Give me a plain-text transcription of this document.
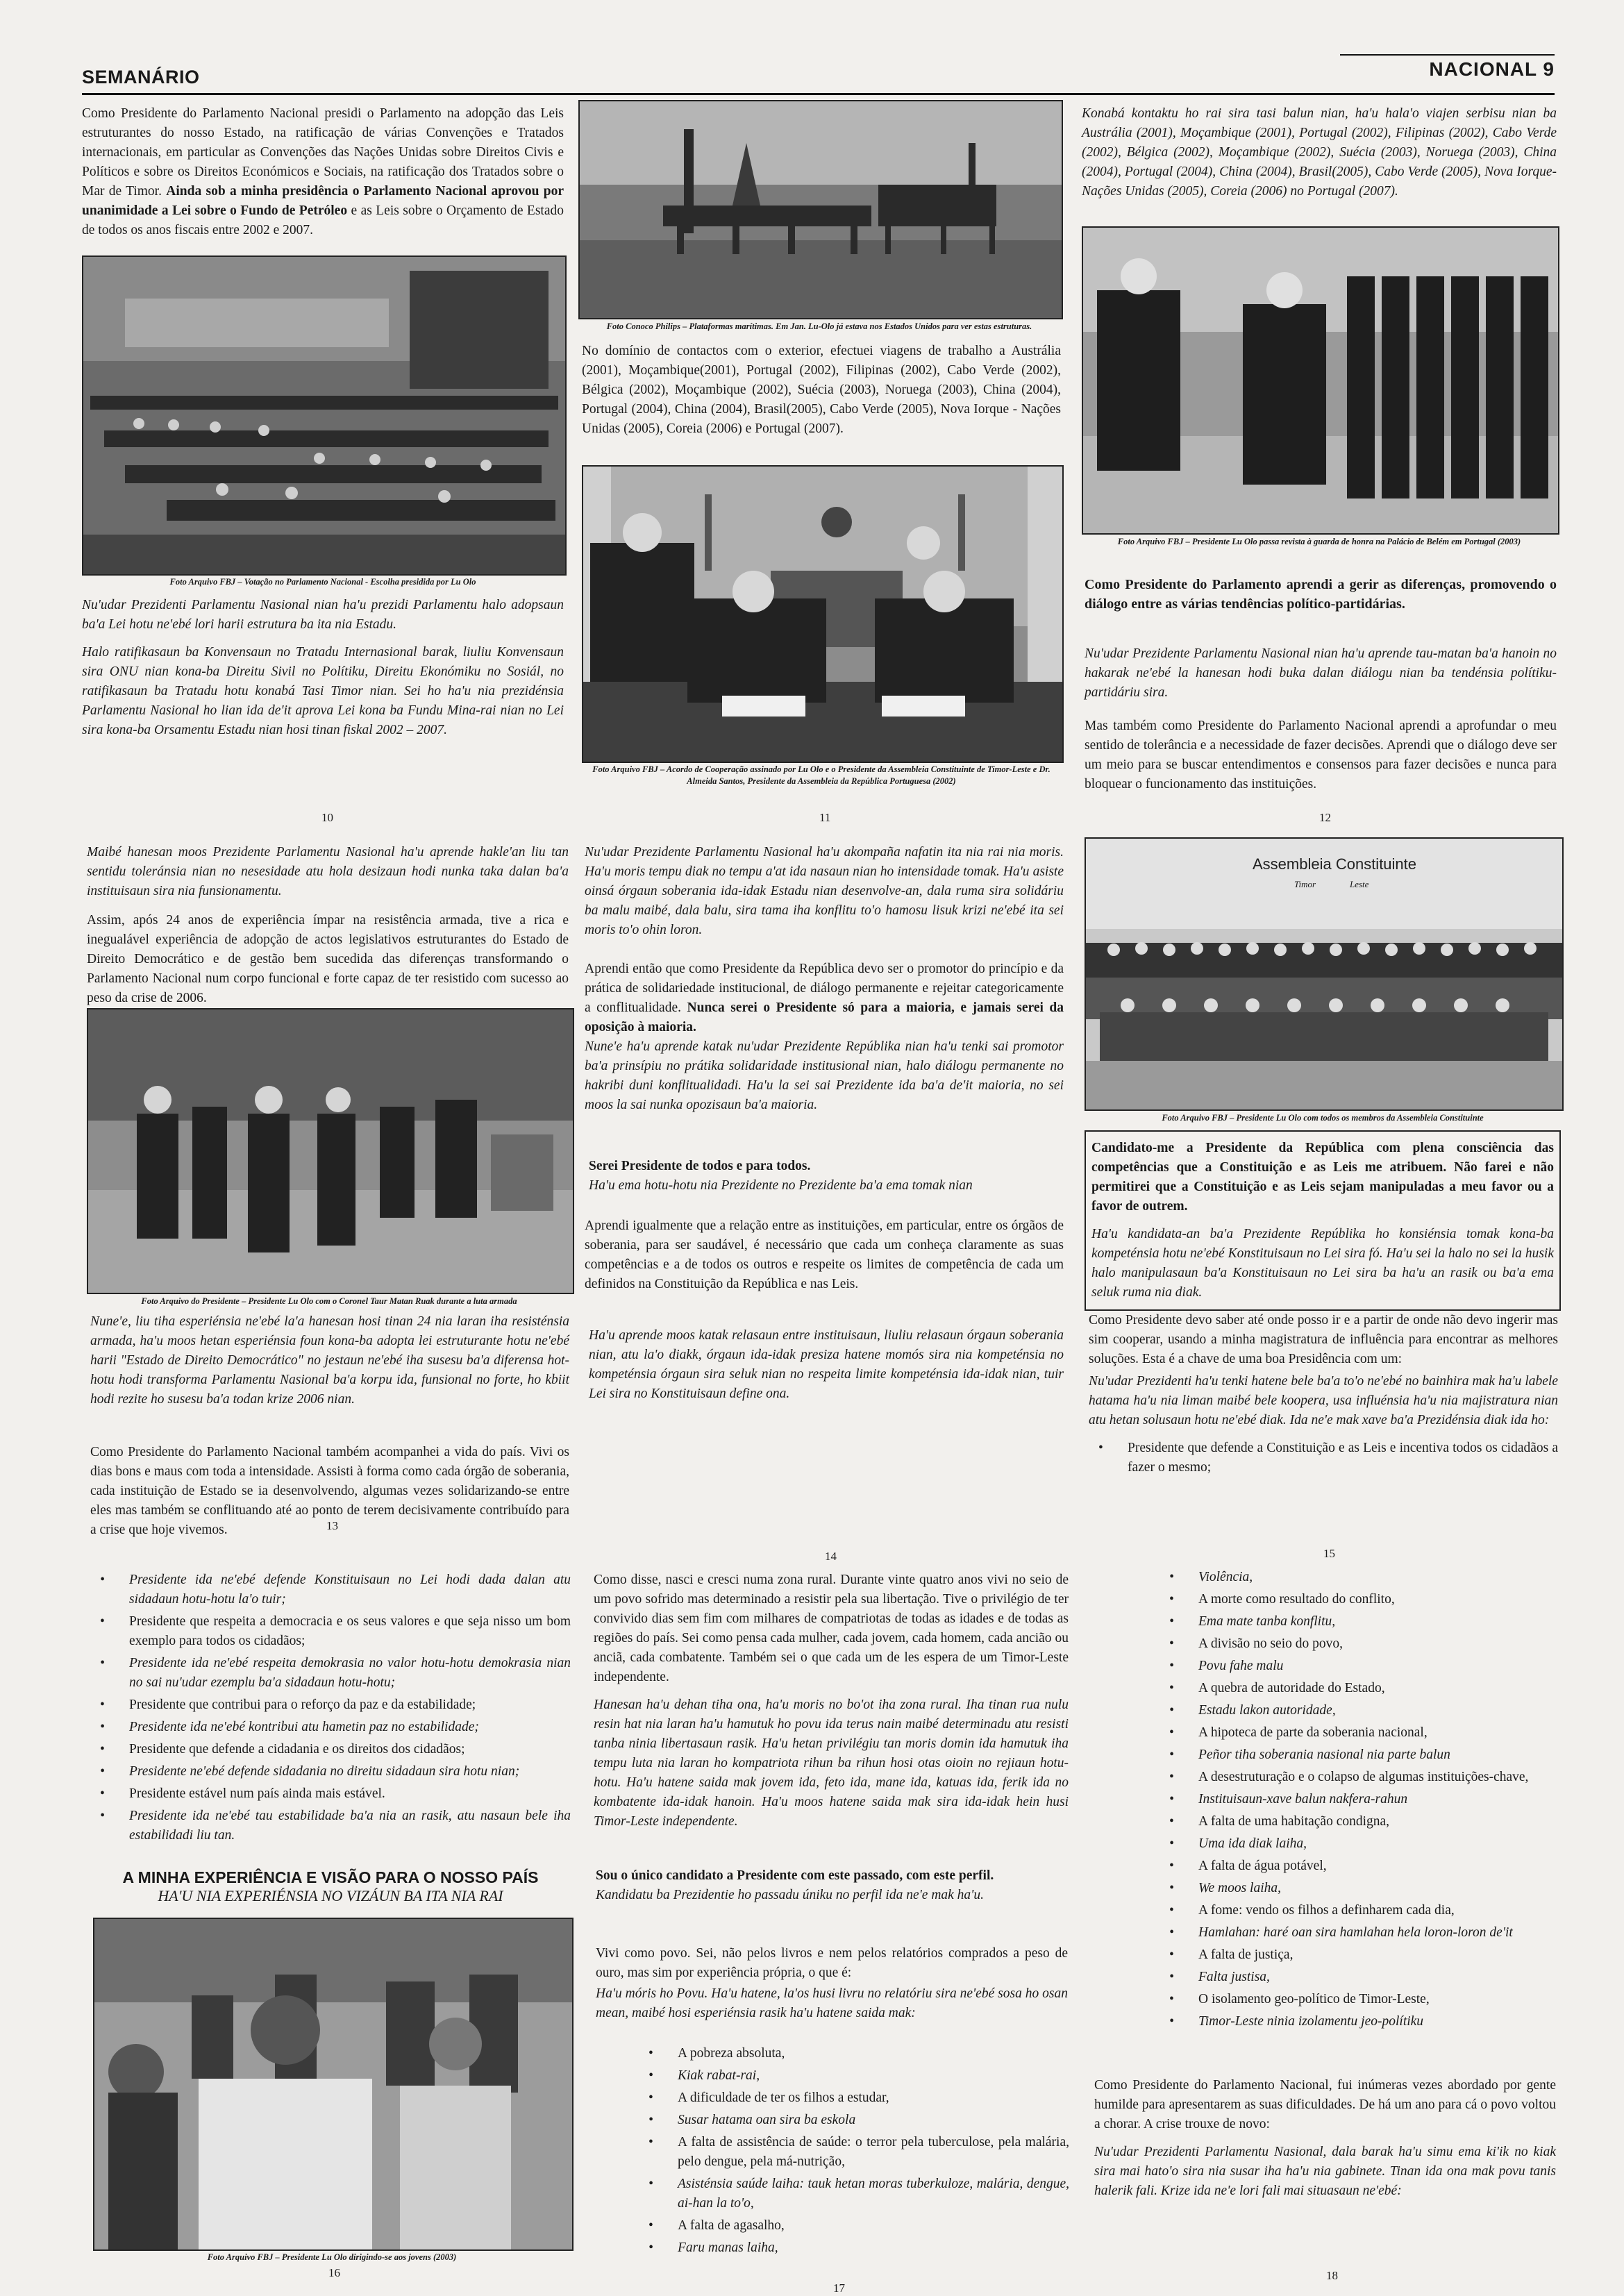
SEMANÁRIO	NACIONAL 9

Como Presidente do Parlamento Nacional presidi o Parlamento na adopção das Leis estruturantes do nosso Estado, na ratificação de várias Convenções e Tratados internacionais, em particular as Convenções das Nações Unidas sobre Direitos Civis e Políticos e sobre os Direitos Económicos e Sociais, na ratificação dos Tratados sobre o Mar de Timor. Ainda sob a minha presidência o Parlamento Nacional aprovou por unanimidade a Lei sobre o Fundo de Petróleo e as Leis sobre o Orçamento de Estado de todos os anos fiscais entre 2002 e 2007.

Foto Arquivo FBJ – Votação no Parlamento Nacional - Escolha presidida por Lu Olo

Nu'udar Prezidenti Parlamentu Nasional nian ha'u prezidi Parlamentu halo adopsaun ba'a Lei hotu ne'ebé lori harii estrutura ba ita nia Estadu.

Halo ratifikasaun ba Konvensaun no Tratadu Internasional barak, liuliu Konvensaun sira ONU nian kona-ba Direitu Sivil no Polítiku, Direitu Ekonómiku no Sosiál, no ratifikasaun ba Tratadu hotu konabá Tasi Timor nian. Sei ho ha'u nia prezidénsia Parlamentu Nasional ho lian ida de'it aprova Lei kona ba Fundu Mina-rai nian no Lei sira kona-ba Orsamentu Estadu nian hosi tinan fiskal 2002 – 2007.

Foto Conoco Philips – Plataformas marítimas. Em Jan. Lu-Olo já estava nos Estados Unidos para ver estas estruturas.

No domínio de contactos com o exterior, efectuei viagens de trabalho a Austrália (2001), Moçambique(2001), Portugal (2002), Filipinas (2002), Cabo Verde (2002), Bélgica (2002), Moçambique (2002), Suécia (2003), Noruega (2003), China (2004), Portugal (2004), China (2004), Brasil(2005), Cabo Verde (2005), Nova Iorque - Nações Unidas (2005), Coreia (2006) e Portugal (2007).

Foto Arquivo FBJ – Acordo de Cooperação assinado por Lu Olo e o Presidente da Assembleia Constituinte de Timor-Leste e Dr. Almeida Santos, Presidente da Assembleia da República Portuguesa (2002)

Konabá kontaktu ho rai sira tasi balun nian, ha'u hala'o viajen serbisu nian ba Austrália (2001), Moçambique (2001), Portugal (2002), Filipinas (2002), Cabo Verde (2002), Bélgica (2002), Moçambique (2002), Suécia (2003), Noruega (2003), China (2004), Portugal (2004), China (2004), Brasil(2005), Cabo Verde (2005), Nova Iorque- Nações Unidas (2005), Coreia (2006) no Portugal (2007).

Foto Arquivo FBJ – Presidente Lu Olo passa revista à guarda de honra na Palácio de Belém em Portugal (2003)

Como Presidente do Parlamento aprendi a gerir as diferenças, promovendo o diálogo entre as várias tendências político-partidárias.

Nu'udar Prezidente Parlamentu Nasional nian ha'u aprende tau-matan ba'a hanoin no hakarak ne'ebé la hanesan hodi buka dalan diálogu nian ba tendénsia polítiku-partidáriu sira.

Mas também como Presidente do Parlamento Nacional aprendi a aprofundar o meu sentido de tolerância e a necessidade de fazer decisões. Aprendi que o diálogo deve ser um meio para se buscar entendimentos e consensos para fazer decisões e nunca para bloquear o funcionamento das instituições.

10	11	12

Maibé hanesan moos Prezidente Parlamentu Nasional ha'u aprende hakle'an liu tan sentidu toleránsia nian no nesesidade atu hola desizaun hodi nunka taka dalan ba'a instituisaun sira nia funsionamentu.

Assim, após 24 anos de experiência ímpar na resistência armada, tive a rica e inegualável experiência de adopção de actos legislativos estruturantes do Estado de Direito Democrático e de gestão bem sucedida das diferenças transformando o Parlamento Nacional num corpo funcional e forte capaz de ter resistido com sucesso ao peso da crise de 2006.

Foto Arquivo do Presidente – Presidente Lu Olo com o Coronel Taur Matan Ruak durante a luta armada

Nune'e, liu tiha esperiénsia ne'ebé la'a hanesan hosi tinan 24 nia laran iha resisténsia armada, ha'u moos hetan esperiénsia foun kona-ba adopta lei estruturante hotu ne'ebé harii "Estado de Direito Democrático" no jestaun ne'ebé iha susesu ba'a diferensa hot-hotu hodi transforma Parlamentu Nasional ba'a korpu ida, funsional no forte, ho kbiit hodi rezite ho susesu ba'a todan krize 2006 nian.

Como Presidente do Parlamento Nacional também acompanhei a vida do país. Vivi os dias bons e maus com toda a intensidade. Assisti à forma como cada órgão de soberania, cada instituição de Estado se ia desenvolvendo, algumas vezes solidarizando-se entre eles mas também se conflituando até ao ponto de terem decisivamente contribuído para a crise que hoje vivemos.

Nu'udar Prezidente Parlamentu Nasional ha'u akompaña nafatin ita nia rai nia moris. Ha'u moris tempu diak no tempu a'at ida nasaun nian ho intensidade tomak. Ha'u asiste oinsá órgaun soberania ida-idak Estadu nian desenvolve-an, dala ruma sira solidáriu ba malu maibé, dala balu, sira tama iha konflitu to'o hamosu lisuk krizi ne'ebé ita sei moris to'o ohin loron.

Aprendi então que como Presidente da República devo ser o promotor do princípio e da prática de solidariedade institucional, de diálogo permanente e rejeitar categoricamente a conflitualidade. Nunca serei o Presidente só para a maioria, e jamais serei da oposição à maioria.

Nune'e ha'u aprende katak nu'udar Prezidente Repúblika nian ha'u tenki sai promotor ba'a prinsípiu no prátika solidaridade institusional nian, halo diálogu permanente no hakribi duni konflitualidadi. Ha'u la sei sai Prezidente ida ba'a de'it maioria, no sei moos la sai nunka opozisaun ba'a maioria.

Serei Presidente de todos e para todos.

Ha'u ema hotu-hotu nia Prezidente no Prezidente ba'a ema tomak nian

Aprendi igualmente que a relação entre as instituições, em particular, entre os órgãos de soberania, para ser saudável, é necessário que cada um conheça claramente as suas competências e a de todos os outros e respeite os limites de competência de cada um definidos na Constituição da República e nas Leis.

Ha'u aprende moos katak relasaun entre instituisaun, liuliu relasaun órgaun soberania nian, atu la'o diakk, órgaun ida-idak presiza hatene momós sira nia kompeténsia no kompeténsia órgaun sira seluk nian no respeita limite kompeténsia ida-idak nian, tuir Lei sira no Konstituisaun define ona.

Assembleia Constituinte
Timor	Leste
Foto Arquivo FBJ – Presidente Lu Olo com todos os membros da Assembleia Constituinte

Candidato-me a Presidente da República com plena consciência das competências que a Constituição e as Leis me atribuem. Não farei e não permitirei que a Constituição e as Leis sejam manipuladas a meu favor ou a favor de outrem.

Ha'u kandidata-an ba'a Prezidente Repúblika ho konsiénsia tomak kona-ba kompeténsia hotu ne'ebé Konstituisaun no Lei sira fó. Ha'u sei la halo no sei la husik halo manipulasaun ba'a Konstituisaun no Lei sira ba ha'u an rasik ou ba'a ema seluk ruma nia diak.

Como Presidente devo saber até onde posso ir e a partir de onde não devo ingerir mas sim cooperar, usando a minha magistratura de influência para encontrar as melhores soluções. Esta é a chave de uma boa Presidência com um:

Nu'udar Prezidenti ha'u tenki hatene bele ba'a to'o ne'ebé no bainhira mak ha'u labele hatama ha'u nia liman maibé bele koopera, usa influénsia ha'u nia majistratura nian atu hetan solusaun hotu ne'ebé diak. Ida ne'e mak xave ba'a Prezidénsia diak ida ho:

• Presidente que defende a Constituição e as Leis e incentiva todos os cidadãos a fazer o mesmo;
13
14	15
• Presidente ida ne'ebé defende Konstituisaun no Lei hodi dada dalan atu sidadaun hotu-hotu la'o tuir;
• Presidente que respeita a democracia e os seus valores e que seja nisso um bom exemplo para todos os cidadãos;
• Presidente ida ne'ebé respeita demokrasia no valor hotu-hotu demokrasia nian no sai nu'udar ezemplu ba'a sidadaun hotu-hotu;
• Presidente que contribui para o reforço da paz e da estabilidade;
• Presidente ida ne'ebé kontribui atu hametin paz no estabilidade;
• Presidente que defende a cidadania e os direitos dos cidadãos;
• Presidente ne'ebé defende sidadania no direitu sidadaun sira hotu nian;
• Presidente estável num país ainda mais estável.
• Presidente ida ne'ebé tau estabilidade ba'a nia an rasik, atu nasaun bele iha estabilidadi liu tan.
A MINHA EXPERIÊNCIA E VISÃO PARA O NOSSO PAÍS
HA'U NIA EXPERIÉNSIA NO VIZÁUN BA ITA NIA RAI
Foto Arquivo FBJ – Presidente Lu Olo dirigindo-se aos jovens (2003)

Como disse, nasci e cresci numa zona rural. Durante vinte quatro anos vivi no seio de um povo sofrido mas determinado a resistir pela sua libertação. Tive o privilégio de ter convivido dias sem fim com milhares de compatriotas de todas as idades e de todas as regiões do país. Sei como pensa cada mulher, cada jovem, cada homem, cada ancião ou anciã, cada combatente. Também sei o que cada um de les espera de um Timor-Leste independente.

Hanesan ha'u dehan tiha ona, ha'u moris no bo'ot iha zona rural. Iha tinan rua nulu resin hat nia laran ha'u hamutuk ho povu ida terus nain maibé determinadu atu resisti tanba ninia libertasaun rasik. Ha'u hetan privilégiu tan moris domin ida hamutuk iha tempu luta nia laran ho kompatriota rihun ba rihun hosi otas oioin no rejiaun hotu-hotu. Ha'u hatene saida mak jovem ida, feto ida, mane ida, katuas ida, ferik ida no kombatente ida-idak hanoin. Ha'u moos hatene saida mak sira ida-idak hein husi Timor-Leste independente.

Sou o único candidato a Presidente com este passado, com este perfil.

Kandidatu ba Prezidentie ho passadu úniku no perfil ida ne'e mak ha'u.

Vivi como povo. Sei, não pelos livros e nem pelos relatórios comprados a peso de ouro, mas sim por experiência própria, o que é:

Ha'u móris ho Povu. Ha'u hatene, la'os husi livru no relatóriu sira ne'ebé sosa ho osan mean, maibé hosi esperiénsia rasik ha'u hatene saida mak:

• A pobreza absoluta,
• Kiak rabat-rai,
• A dificuldade de ter os filhos a estudar,
• Susar hatama oan sira ba eskola
• A falta de assistência de saúde: o terror pela tuberculose, pela malária, pelo dengue, pela má-nutrição,
• Asisténsia saúde laiha: tauk hetan moras tuberkuloze, malária, dengue, ai-han la to'o,
• A falta de agasalho,
• Faru manas laiha,
• Violência,
• A morte como resultado do conflito,
• Ema mate tanba konflitu,
• A divisão no seio do povo,
• Povu fahe malu
• A quebra de autoridade do Estado,
• Estadu lakon autoridade,
• A hipoteca de parte da soberania nacional,
• Peñor tiha soberania nasional nia parte balun
• A desestruturação e o colapso de algumas instituições-chave,
• Instituisaun-xave balun nakfera-rahun
• A falta de uma habitação condigna,
• Uma ida diak laiha,
• A falta de água potável,
• We moos laiha,
• A fome: vendo os filhos a definharem cada dia,
• Hamlahan: haré oan sira hamlahan hela loron-loron de'it
• A falta de justiça,
• Falta justisa,
• O isolamento geo-político de Timor-Leste,
• Timor-Leste ninia izolamentu jeo-polítiku

Como Presidente do Parlamento Nacional, fui inúmeras vezes abordado por gente humilde para apresentarem as suas dificuldades. De há um ano para cá o povo voltou a chorar. A crise trouxe de novo:

Nu'udar Prezidenti Parlamentu Nasional, dala barak ha'u simu ema ki'ik no kiak sira mai hato'o sira nia susar iha ha'u nia gabinete. Tinan ida ona mak povu tanis halerik fali. Krize ida ne'e lori fali mai situasaun ne'ebé:

16
17
18
